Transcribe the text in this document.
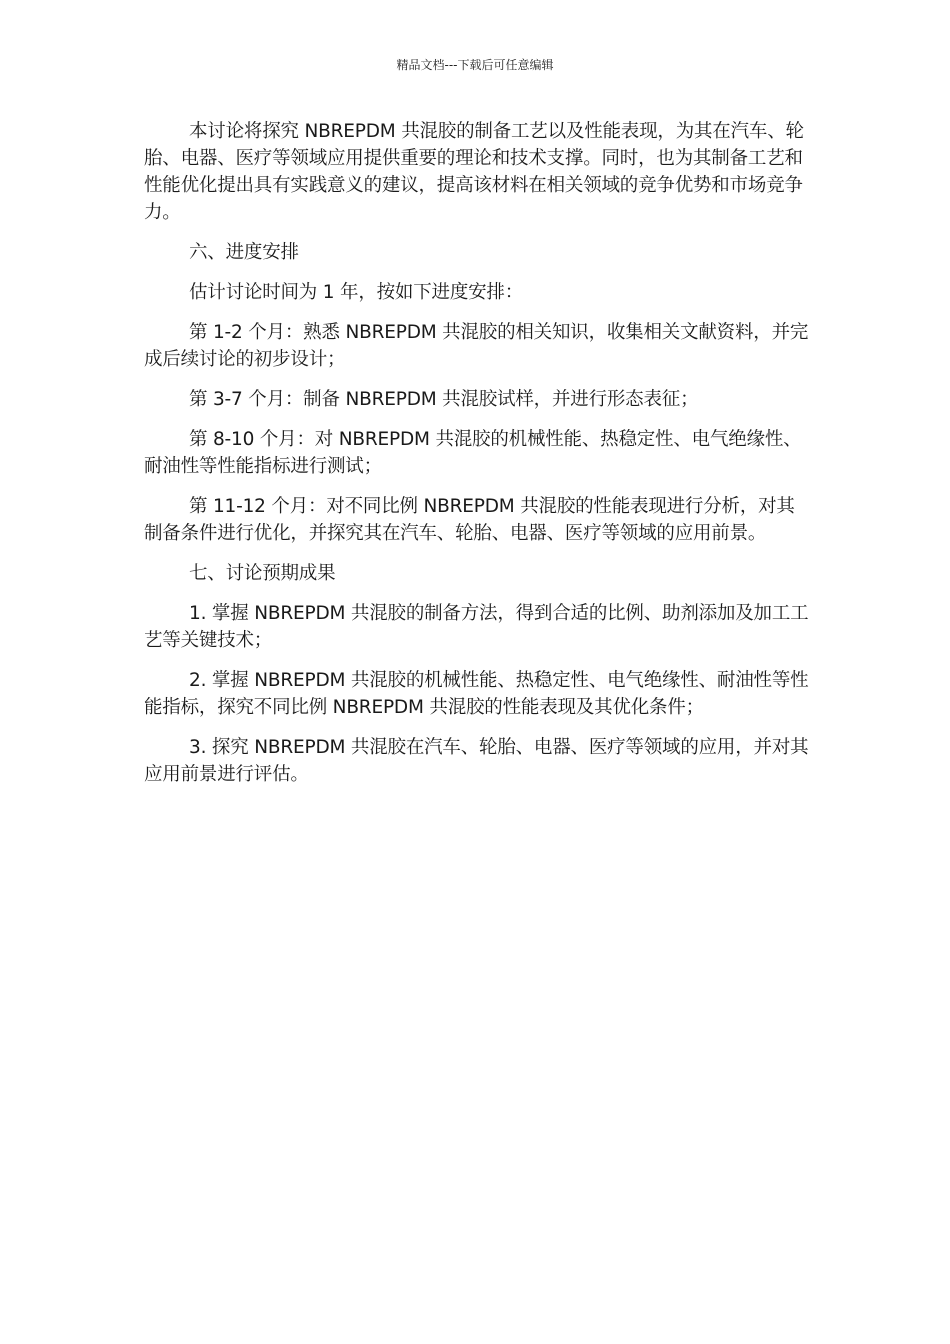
精品文档---下载后可任意编辑

本讨论将探究 NBREPDM 共混胶的制备工艺以及性能表现，为其在汽车、轮胎、电器、医疗等领域应用提供重要的理论和技术支撑。同时，也为其制备工艺和性能优化提出具有实践意义的建议，提高该材料在相关领域的竞争优势和市场竞争力。

六、进度安排

估计讨论时间为 1 年，按如下进度安排：

第 1-2 个月：熟悉 NBREPDM 共混胶的相关知识，收集相关文献资料，并完成后续讨论的初步设计；

第 3-7 个月：制备 NBREPDM 共混胶试样，并进行形态表征；

第 8-10 个月：对 NBREPDM 共混胶的机械性能、热稳定性、电气绝缘性、耐油性等性能指标进行测试；

第 11-12 个月：对不同比例 NBREPDM 共混胶的性能表现进行分析，对其制备条件进行优化，并探究其在汽车、轮胎、电器、医疗等领域的应用前景。

七、讨论预期成果

1. 掌握 NBREPDM 共混胶的制备方法，得到合适的比例、助剂添加及加工工艺等关键技术；

2. 掌握 NBREPDM 共混胶的机械性能、热稳定性、电气绝缘性、耐油性等性能指标，探究不同比例 NBREPDM 共混胶的性能表现及其优化条件；

3. 探究 NBREPDM 共混胶在汽车、轮胎、电器、医疗等领域的应用，并对其应用前景进行评估。
